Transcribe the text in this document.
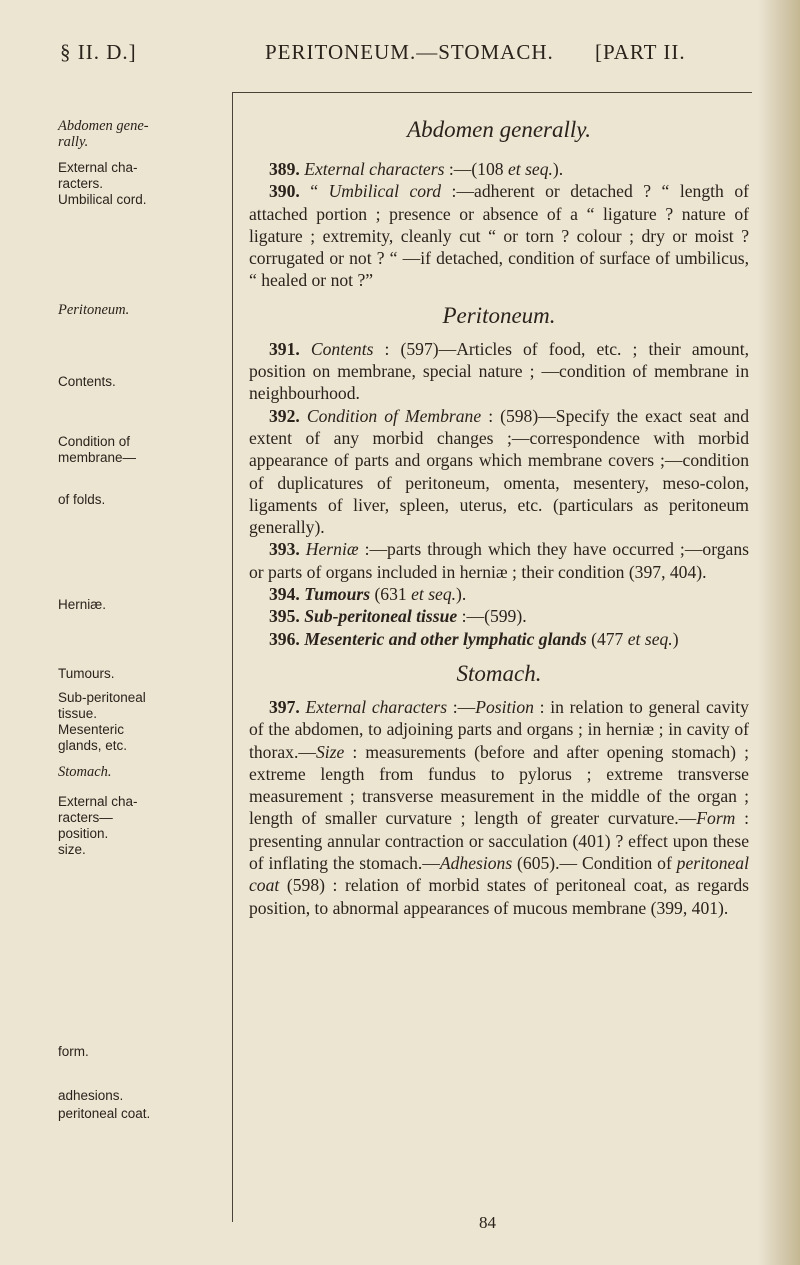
§ II. D.]	PERITONEUM.—STOMACH. [PART II.
Abdomen gene-
rally.
External cha-
racters.
Umbilical cord.
Peritoneum.
Contents.
Condition of
membrane—
of folds.
Herniæ.
Tumours.
Sub-peritoneal
tissue.
Mesenteric
glands, etc.
Stomach.
External cha-
racters—
position.
size.
form.
adhesions.
peritoneal coat.
Abdomen generally.

389. External characters :—(108 et seq.).

390. “ Umbilical cord :—adherent or detached ? “ length of attached portion ; presence or absence of a “ ligature ? nature of ligature ; extremity, cleanly cut “ or torn ? colour ; dry or moist ? corrugated or not ? “ —if detached, condition of surface of umbilicus, “ healed or not ?”

Peritoneum.

391. Contents : (597)—Articles of food, etc. ; their amount, position on membrane, special nature ; —condition of membrane in neighbourhood.

392. Condition of Membrane : (598)—Specify the exact seat and extent of any morbid changes ;—correspondence with morbid appearance of parts and organs which membrane covers ;—condition of duplicatures of peritoneum, omenta, mesentery, meso-colon, ligaments of liver, spleen, uterus, etc. (particulars as peritoneum generally).

393. Herniæ :—parts through which they have occurred ;—organs or parts of organs included in herniæ ; their condition (397, 404).

394. Tumours (631 et seq.).

395. Sub-peritoneal tissue :—(599).

396. Mesenteric and other lymphatic glands (477 et seq.)

Stomach.

397. External characters :—Position : in relation to general cavity of the abdomen, to adjoining parts and organs ; in herniæ ; in cavity of thorax.—Size : measurements (before and after opening stomach) ; extreme length from fundus to pylorus ; extreme transverse measurement ; transverse measurement in the middle of the organ ; length of smaller curvature ; length of greater curvature.—Form : presenting annular contraction or sacculation (401) ? effect upon these of inflating the stomach.—Adhesions (605).— Condition of peritoneal coat (598) : relation of morbid states of peritoneal coat, as regards position, to abnormal appearances of mucous membrane (399, 401).

84
